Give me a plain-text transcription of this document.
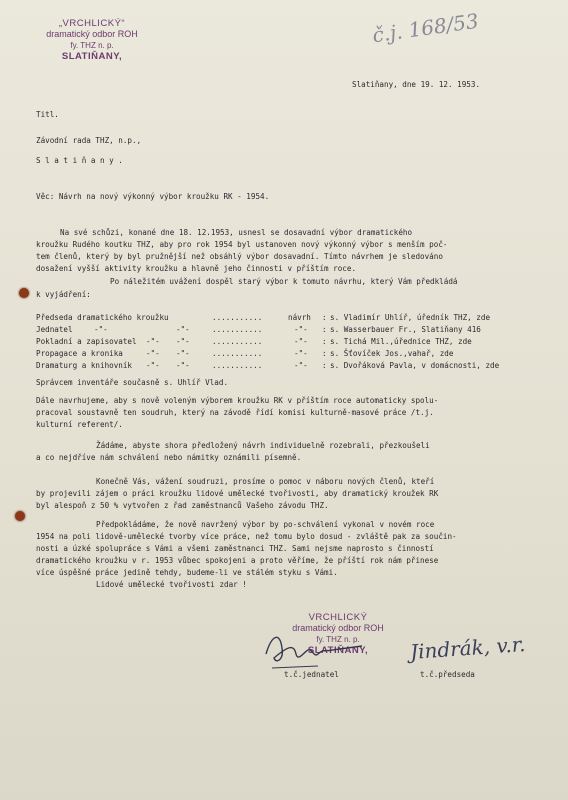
„VRCHLICKÝ“
dramatický odbor ROH
fy. THZ n. p.
SLATIŇANY,
č.j. 168/53
Slatiňany, dne 19. 12. 1953.
Titl.
Závodní rada THZ, n.p.,
S l a t i ň a n y .
Věc: Návrh na nový výkonný výbor kroužku RK - 1954.
Na své schůzi, konané dne 18. 12.1953, usnesl se dosavadní výbor dramatického
kroužku Rudého koutku THZ, aby pro rok 1954 byl ustanoven nový výkonný výbor s menším poč-
tem členů, který by byl pružnější než obsáhlý výbor dosavadní. Tímto návrhem je sledováno
dosažení vyšší aktivity kroužku a hlavně jeho činnosti v příštím roce.
Po náležitém uvážení dospěl starý výbor k tomuto návrhu, který Vám předkládá
k vyjádření:
Předseda dramatického kroužku	...........	návrh : s. Vladimír Uhlíř, úředník THZ, zde
Jednatel	-"-	-"-	...........	-"- : s. Wasserbauer Fr., Slatiňany 416
Pokladní a zapisovatel -"- -"-	...........	-"- : s. Tichá Mil.,úřednice THZ, zde
Propagace a kronika	-"- -"-	...........	-"- : s. Šťovíček Jos.,vahař, zde
Dramaturg a knihovník -"- -"-	...........	-"- : s. Dvořáková Pavla, v domácnosti, zde
Správcem inventáře současně s. Uhlíř Vlad.
Dále navrhujeme, aby s nově voleným výborem kroužku RK v příštím roce automaticky spolu-
pracoval soustavně ten soudruh, který na závodě řídí komisi kulturně-masové práce /t.j.
kulturní referent/.
Žádáme, abyste shora předložený návrh individuelně rozebrali, přezkoušeli
a co nejdříve nám schválení nebo námitky oznámili písemně.
Konečně Vás, vážení soudruzi, prosíme o pomoc v náboru nových členů, kteří
by projevili zájem o práci kroužku lidové umělecké tvořivosti, aby dramatický kroužek RK
byl alespoň z 50 % vytvořen z řad zaměstnanců Vašeho závodu THZ.
Předpokládáme, že nově navržený výbor by po-schválení vykonal v novém roce
1954 na poli lidově-umělecké tvorby více práce, než tomu bylo dosud - zvláště pak za součin-
nosti a úzké spolupráce s Vámi a všemi zaměstnanci THZ. Sami nejsme naprosto s činností
dramatického kroužku v r. 1953 vůbec spokojeni a proto věříme, že příští rok nám přinese
více úspěšné práce jedině tehdy, budeme-li ve stálém styku s Vámi.
Lidové umělecké tvořivosti zdar !
VRCHLICKÝ
dramatický odbor ROH
fy. THZ n. p.
SLATIŇANY,	Jindrák, v.r.
t.č.jednatel	t.č.předseda
